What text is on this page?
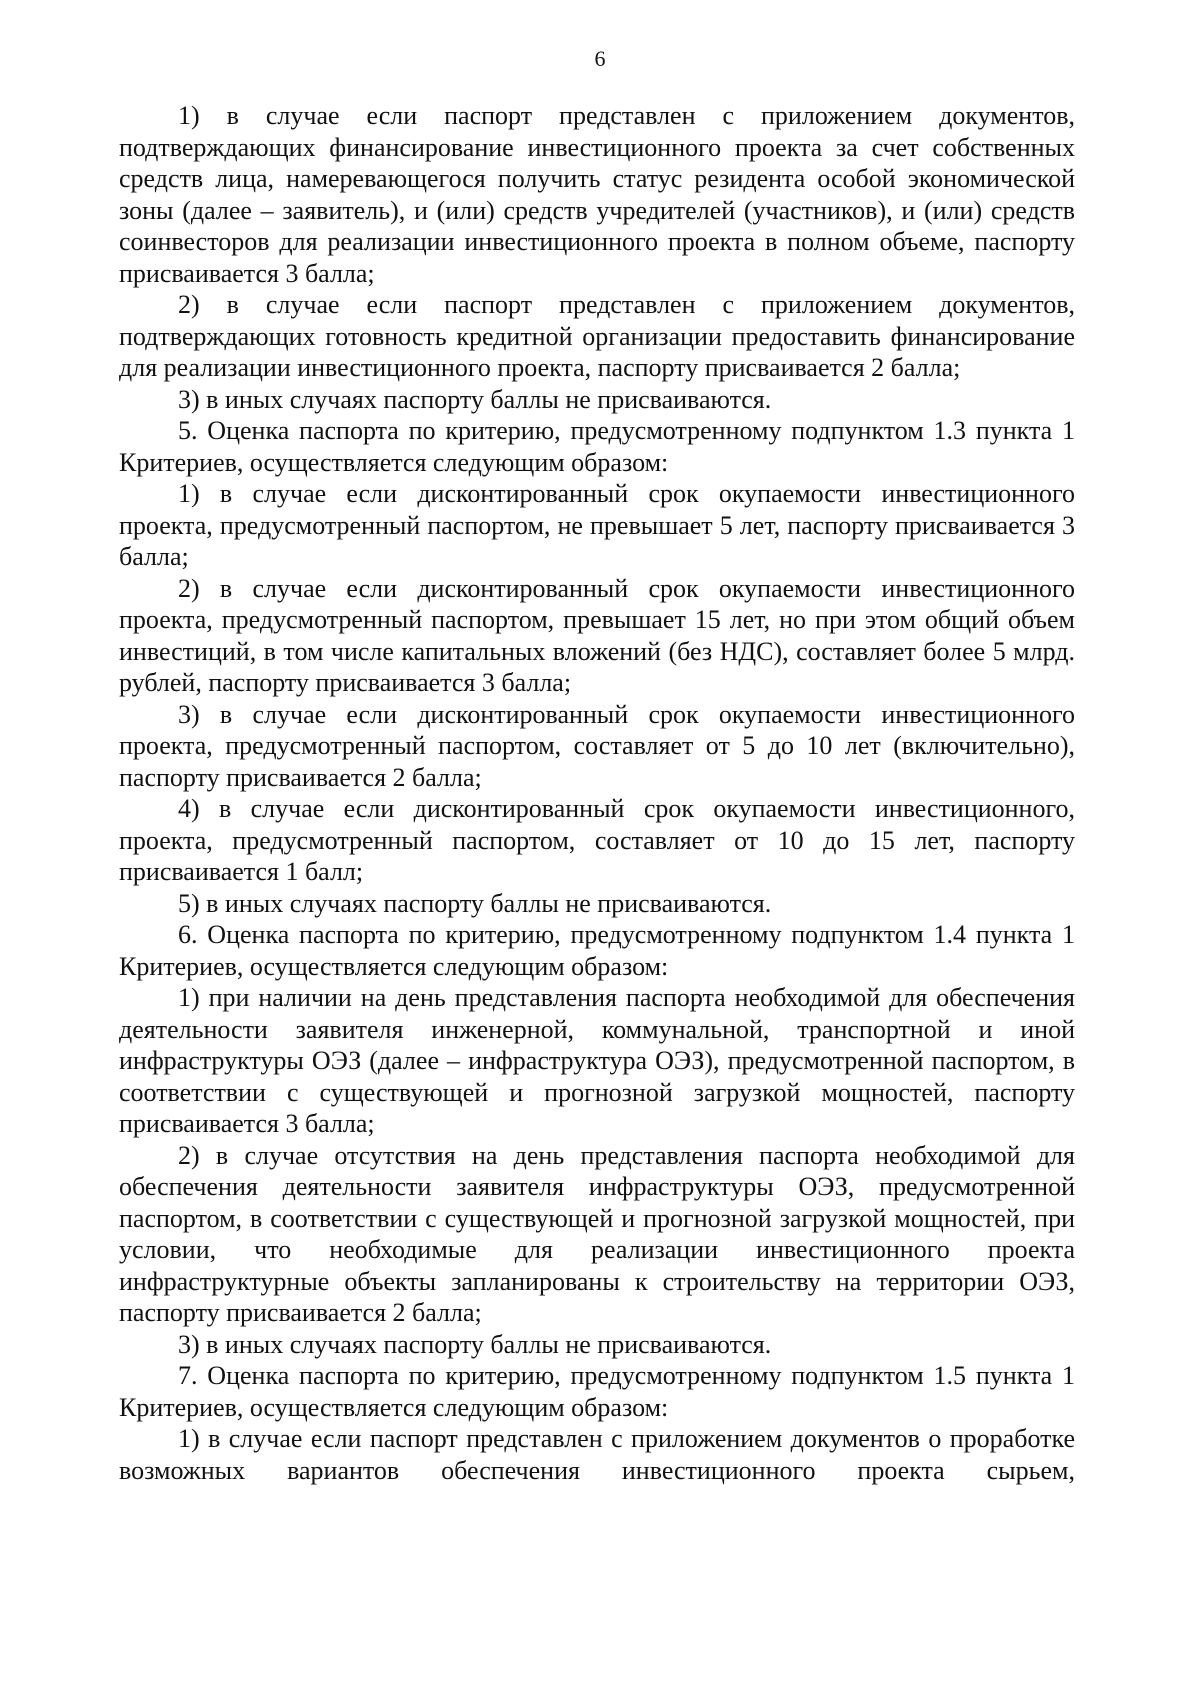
6

1) в случае если паспорт представлен с приложением документов, подтверждающих финансирование инвестиционного проекта за счет собственных средств лица, намеревающегося получить статус резидента особой экономической зоны (далее – заявитель), и (или) средств учредителей (участников), и (или) средств соинвесторов для реализации инвестиционного проекта в полном объеме, паспорту присваивается 3 балла;

2) в случае если паспорт представлен с приложением документов, подтверждающих готовность кредитной организации предоставить финансирование для реализации инвестиционного проекта, паспорту присваивается 2 балла;

3) в иных случаях паспорту баллы не присваиваются.

5. Оценка паспорта по критерию, предусмотренному подпунктом 1.3 пункта 1 Критериев, осуществляется следующим образом:

1) в случае если дисконтированный срок окупаемости инвестиционного проекта, предусмотренный паспортом, не превышает 5 лет, паспорту присваивается 3 балла;

2) в случае если дисконтированный срок окупаемости инвестиционного проекта, предусмотренный паспортом, превышает 15 лет, но при этом общий объем инвестиций, в том числе капитальных вложений (без НДС), составляет более 5 млрд. рублей, паспорту присваивается 3 балла;

3) в случае если дисконтированный срок окупаемости инвестиционного проекта, предусмотренный паспортом, составляет от 5 до 10 лет (включительно), паспорту присваивается 2 балла;

4) в случае если дисконтированный срок окупаемости инвестиционного, проекта, предусмотренный паспортом, составляет от 10 до 15 лет, паспорту присваивается 1 балл;

5) в иных случаях паспорту баллы не присваиваются.

6. Оценка паспорта по критерию, предусмотренному подпунктом 1.4 пункта 1 Критериев, осуществляется следующим образом:

1) при наличии на день представления паспорта необходимой для обеспечения деятельности заявителя инженерной, коммунальной, транспортной и иной инфраструктуры ОЭЗ (далее – инфраструктура ОЭЗ), предусмотренной паспортом, в соответствии с существующей и прогнозной загрузкой мощностей, паспорту присваивается 3 балла;

2) в случае отсутствия на день представления паспорта необходимой для обеспечения деятельности заявителя инфраструктуры ОЭЗ, предусмотренной паспортом, в соответствии с существующей и прогнозной загрузкой мощностей, при условии, что необходимые для реализации инвестиционного проекта инфраструктурные объекты запланированы к строительству на территории ОЭЗ, паспорту присваивается 2 балла;

3) в иных случаях паспорту баллы не присваиваются.

7. Оценка паспорта по критерию, предусмотренному подпунктом 1.5 пункта 1 Критериев, осуществляется следующим образом:

1) в случае если паспорт представлен с приложением документов о проработке возможных вариантов обеспечения инвестиционного проекта сырьем,
